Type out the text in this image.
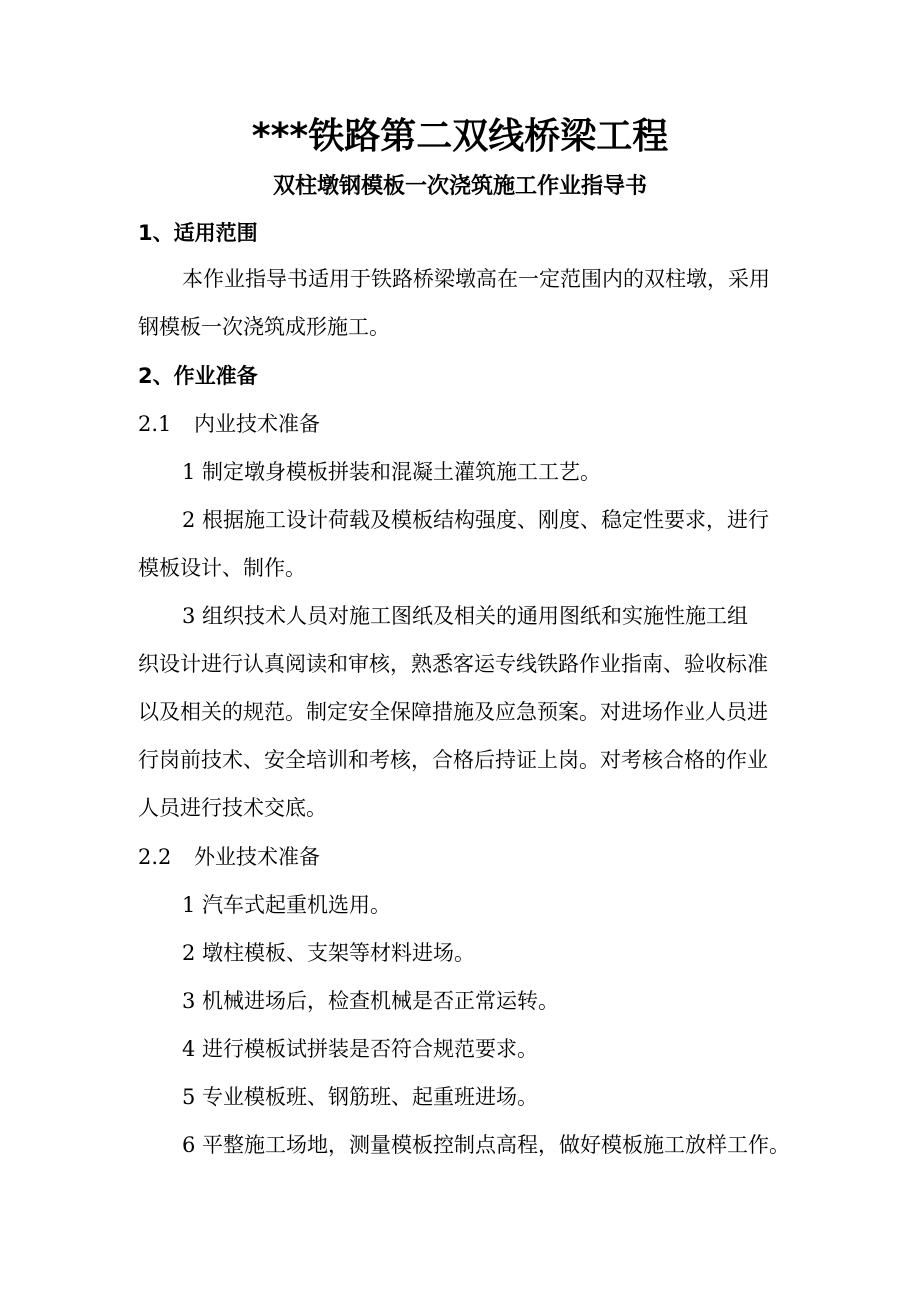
***铁路第二双线桥梁工程
双柱墩钢模板一次浇筑施工作业指导书
1、适用范围
本作业指导书适用于铁路桥梁墩高在一定范围内的双柱墩，采用
钢模板一次浇筑成形施工。
2、作业准备
2.1 内业技术准备
1 制定墩身模板拼装和混凝土灌筑施工工艺。
2 根据施工设计荷载及模板结构强度、刚度、稳定性要求，进行
模板设计、制作。
3 组织技术人员对施工图纸及相关的通用图纸和实施性施工组
织设计进行认真阅读和审核，熟悉客运专线铁路作业指南、验收标准
以及相关的规范。制定安全保障措施及应急预案。对进场作业人员进
行岗前技术、安全培训和考核，合格后持证上岗。对考核合格的作业
人员进行技术交底。
2.2 外业技术准备
1 汽车式起重机选用。
2 墩柱模板、支架等材料进场。
3 机械进场后，检查机械是否正常运转。
4 进行模板试拼装是否符合规范要求。
5 专业模板班、钢筋班、起重班进场。
6 平整施工场地，测量模板控制点高程，做好模板施工放样工作。
